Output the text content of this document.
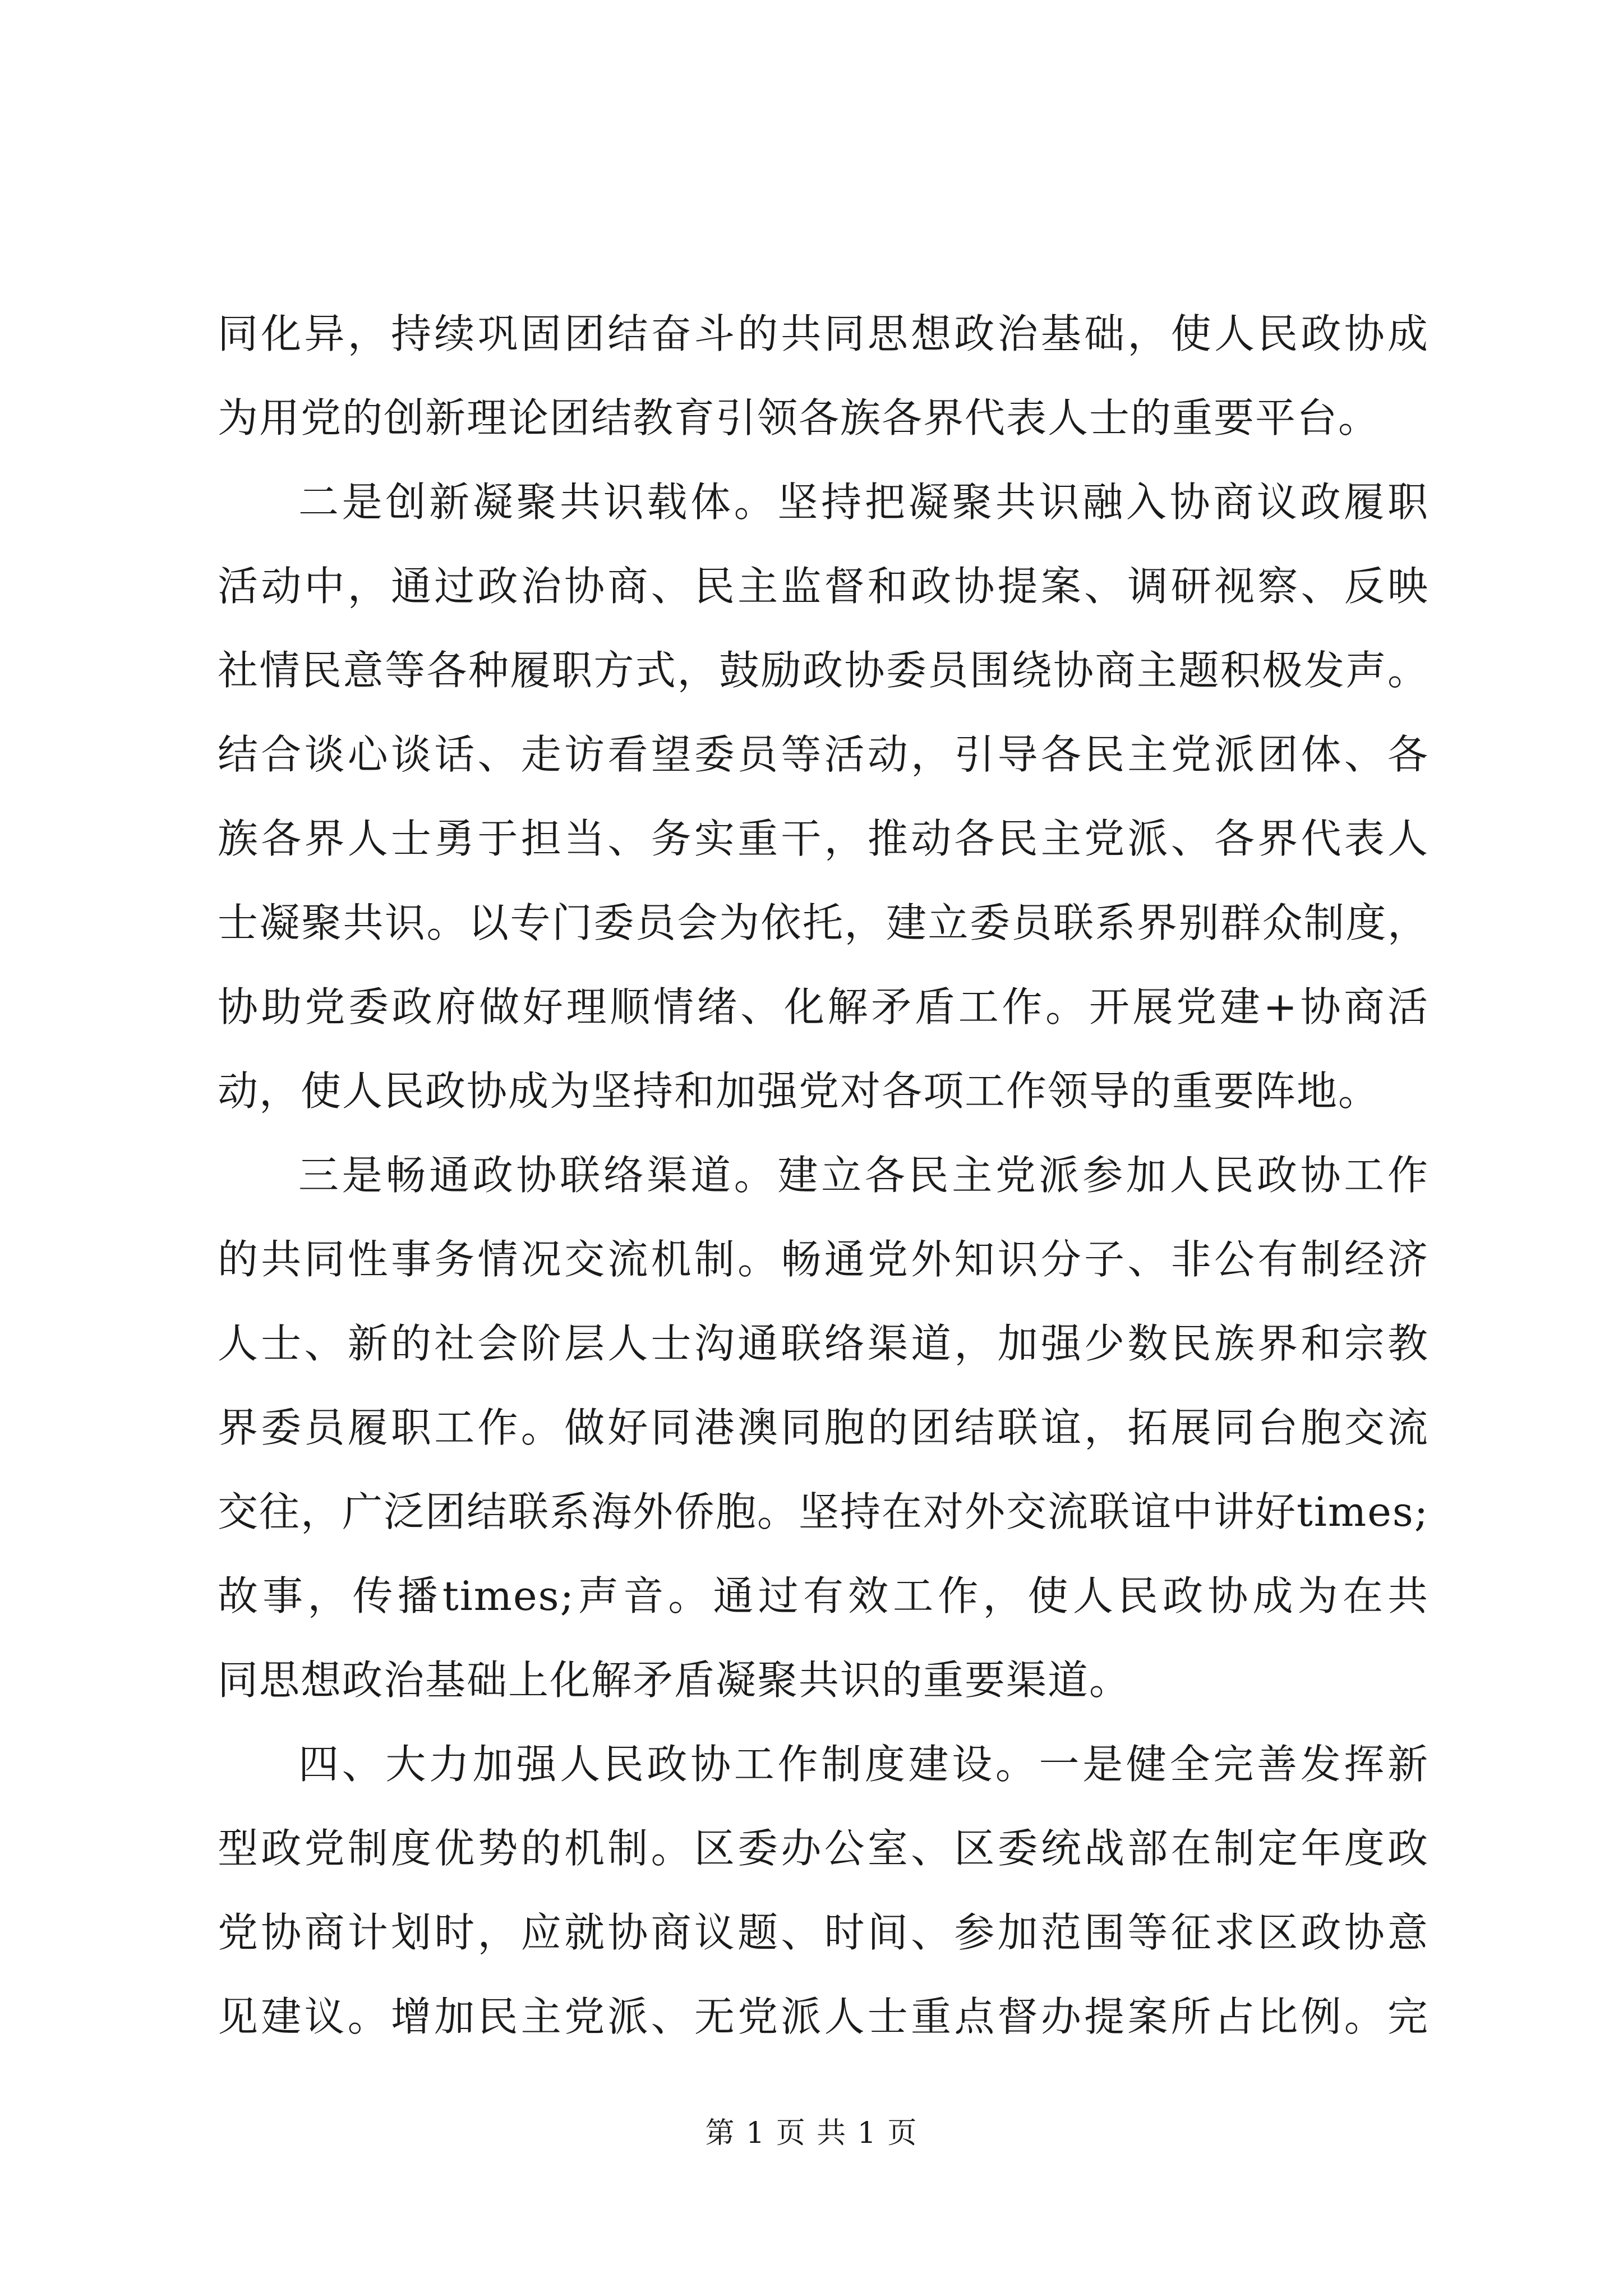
同化异，持续巩固团结奋斗的共同思想政治基础，使人民政协成
为用党的创新理论团结教育引领各族各界代表人士的重要平台。
二是创新凝聚共识载体。坚持把凝聚共识融入协商议政履职
活动中，通过政治协商、民主监督和政协提案、调研视察、反映
社情民意等各种履职方式，鼓励政协委员围绕协商主题积极发声。
结合谈心谈话、走访看望委员等活动，引导各民主党派团体、各
族各界人士勇于担当、务实重干，推动各民主党派、各界代表人
士凝聚共识。以专门委员会为依托，建立委员联系界别群众制度，
协助党委政府做好理顺情绪、化解矛盾工作。开展党建+协商活
动，使人民政协成为坚持和加强党对各项工作领导的重要阵地。
三是畅通政协联络渠道。建立各民主党派参加人民政协工作
的共同性事务情况交流机制。畅通党外知识分子、非公有制经济
人士、新的社会阶层人士沟通联络渠道，加强少数民族界和宗教
界委员履职工作。做好同港澳同胞的团结联谊，拓展同台胞交流
交往，广泛团结联系海外侨胞。坚持在对外交流联谊中讲好times;
故事，传播times;声音。通过有效工作，使人民政协成为在共
同思想政治基础上化解矛盾凝聚共识的重要渠道。
四、大力加强人民政协工作制度建设。一是健全完善发挥新
型政党制度优势的机制。区委办公室、区委统战部在制定年度政
党协商计划时，应就协商议题、时间、参加范围等征求区政协意
见建议。增加民主党派、无党派人士重点督办提案所占比例。完
第 1 页 共 1 页
